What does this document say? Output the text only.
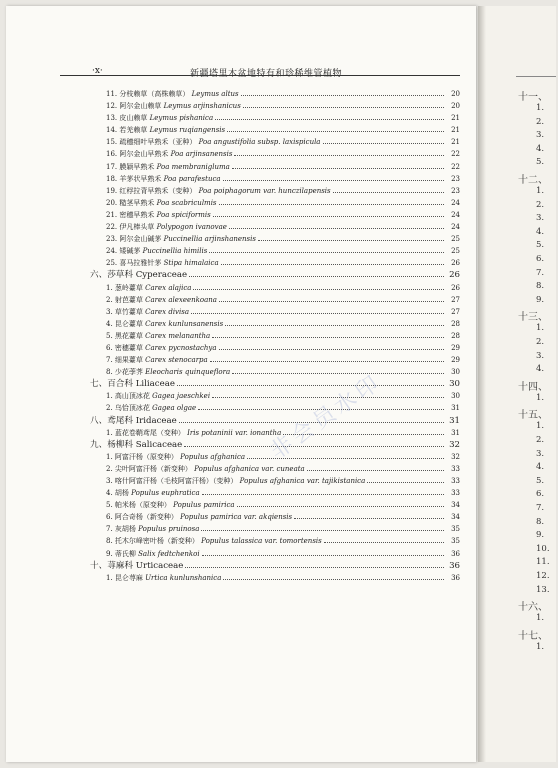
·x·	新疆塔里木盆地特有和珍稀维管植物
11. 分枝赖草（高株赖草） Leymus altus	20
12. 阿尔金山赖草 Leymus arjinshanicus	20
13. 皮山赖草 Leymus pishanica	21
14. 若羌赖草 Leymus ruqiangensis	21
15. 疏穗细叶早熟禾（亚种） Poa angustifolia subsp. laxispicula	21
16. 阿尔金山早熟禾 Poa arjinsanensis	22
17. 膜颖早熟禾 Poa membranigluma	22
18. 羊茅状早熟禾 Poa parafestuca	23
19. 红稃拉背早熟禾（变种） Poa poiphagorum var. hunczilapensis	23
20. 糙茎早熟禾 Poa scabriculmis	24
21. 密穗早熟禾 Poa spiciformis	24
22. 伊凡棒头草 Polypogon ivanovae	24
23. 阿尔金山碱茅 Puccinellia arjinshanensis	25
24. 矮碱茅 Puccinellia himilis	25
25. 喜马拉雅针茅 Stipa himalaica	26
六、莎草科 Cyperaceae	26
1. 葱岭薹草 Carex alajica	26
2. 射芭薹草 Carex alexeenkoana	27
3. 草竹薹草 Carex divisa	27
4. 昆仑薹草 Carex kunlunsanensis	28
5. 黑花薹草 Carex melanantha	28
6. 密穗薹草 Carex pycnostachya	29
7. 细果薹草 Carex stenocarpa	29
8. 少花荸荠 Eleocharis quinqueflora	30
七、百合科 Liliaceae	30
1. 高山顶冰花 Gagea jaeschkei	30
2. 乌恰顶冰花 Gagea olgae	31
八、鸢尾科 Iridaceae	31
1. 蓝花卷鞘鸢尾（变种） Iris potaninii var. ionantha	31
九、杨柳科 Salicaceae	32
1. 阿富汗杨（原变种） Populus afghanica	32
2. 尖叶阿富汗杨（新变种） Populus afghanica var. cuneata	33
3. 喀什阿富汗杨（毛枝阿富汗杨）（变种） Populus afghanica var. tajikistanica	33
4. 胡杨 Populus euphratica	33
5. 帕米杨（原变种） Populus pamirica	34
6. 阿合奇杨（新变种） Populus pamirica var. akqiensis	34
7. 灰胡杨 Populus pruinosa	35
8. 托木尔峰密叶杨（新变种） Populus talassica var. tomortensis	35
9. 蒂氏柳 Salix fedtchenkoi	36
十、荨麻科 Urticaceae	36
1. 昆仑荨麻 Urtica kunlunshanica	36
非会员水印
十一、
1.
2.
3.
4.
5.
十二、
1.
2.
3.
4.
5.
6.
7.
8.
9.
十三、
1.
2.
3.
4.
十四、
1.
十五、
1.
2.
3.
4.
5.
6.
7.
8.
9.
10.
11.
12.
13.
十六、
1.
十七、
1.
